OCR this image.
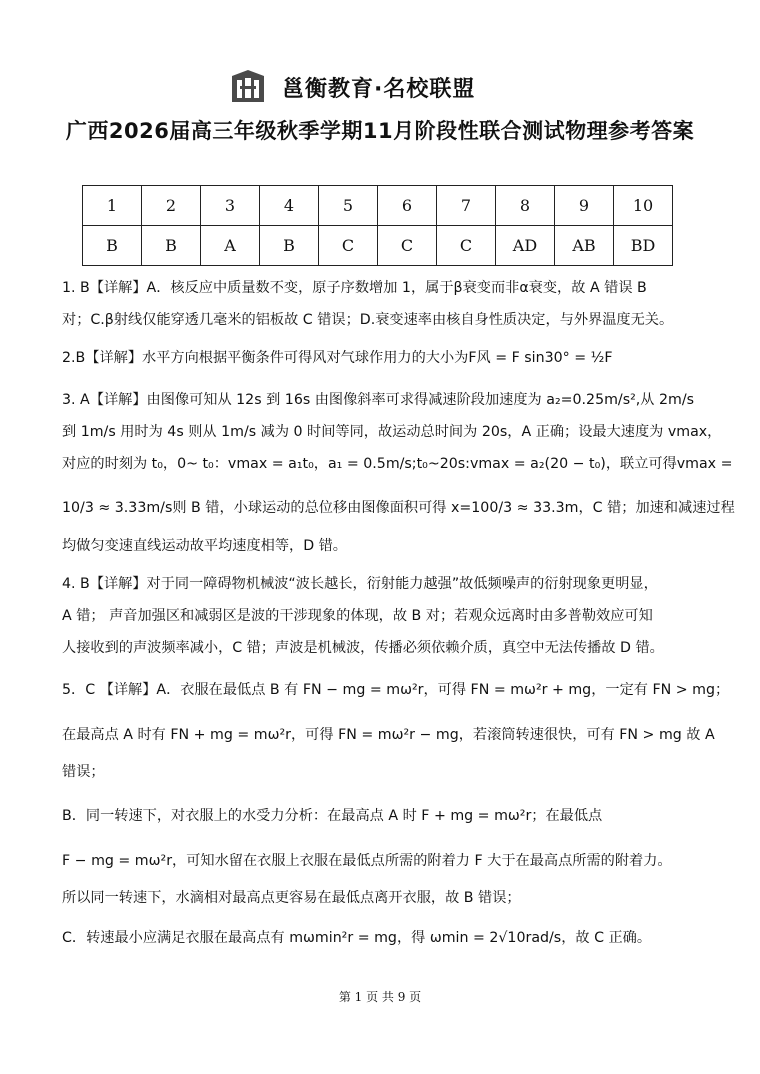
邕衡教育·名校联盟
广西2026届高三年级秋季学期11月阶段性联合测试物理参考答案
1	2	3	4	5	6	7	8	9	10
B	B	A	B	C	C	C	AD	AB	BD
1. B【详解】A．核反应中质量数不变，原子序数增加 1，属于β衰变而非α衰变，故 A 错误 B
对；C.β射线仅能穿透几毫米的铝板故 C 错误；D.衰变速率由核自身性质决定，与外界温度无关。
2.B【详解】水平方向根据平衡条件可得风对气球作用力的大小为F风 = F sin30° = ½F
3. A【详解】由图像可知从 12s 到 16s 由图像斜率可求得减速阶段加速度为 a₂=0.25m/s²,从 2m/s
到 1m/s 用时为 4s 则从 1m/s 减为 0 时间等同，故运动总时间为 20s，A 正确；设最大速度为 vmax，
对应的时刻为 t₀，0~ t₀：vmax = a₁t₀，a₁ = 0.5m/s;t₀~20s:vmax = a₂(20 − t₀)，联立可得vmax =
10/3 ≈ 3.33m/s则 B 错，小球运动的总位移由图像面积可得 x=100/3 ≈ 33.3m，C 错；加速和减速过程
均做匀变速直线运动故平均速度相等，D 错。
4. B【详解】对于同一障碍物机械波“波长越长，衍射能力越强”故低频噪声的衍射现象更明显，
A 错； 声音加强区和减弱区是波的干涉现象的体现，故 B 对；若观众远离时由多普勒效应可知
人接收到的声波频率减小，C 错；声波是机械波，传播必须依赖介质，真空中无法传播故 D 错。
5．C 【详解】A．衣服在最低点 B 有 FN − mg = mω²r，可得 FN = mω²r + mg，一定有 FN > mg；
在最高点 A 时有 FN + mg = mω²r，可得 FN = mω²r − mg，若滚筒转速很快，可有 FN > mg 故 A
错误；
B．同一转速下，对衣服上的水受力分析：在最高点 A 时 F + mg = mω²r；在最低点
F − mg = mω²r，可知水留在衣服上衣服在最低点所需的附着力 F 大于在最高点所需的附着力。
所以同一转速下，水滴相对最高点更容易在最低点离开衣服，故 B 错误；
C．转速最小应满足衣服在最高点有 mωmin²r = mg，得 ωmin = 2√10rad/s，故 C 正确。
第 1 页 共 9 页
